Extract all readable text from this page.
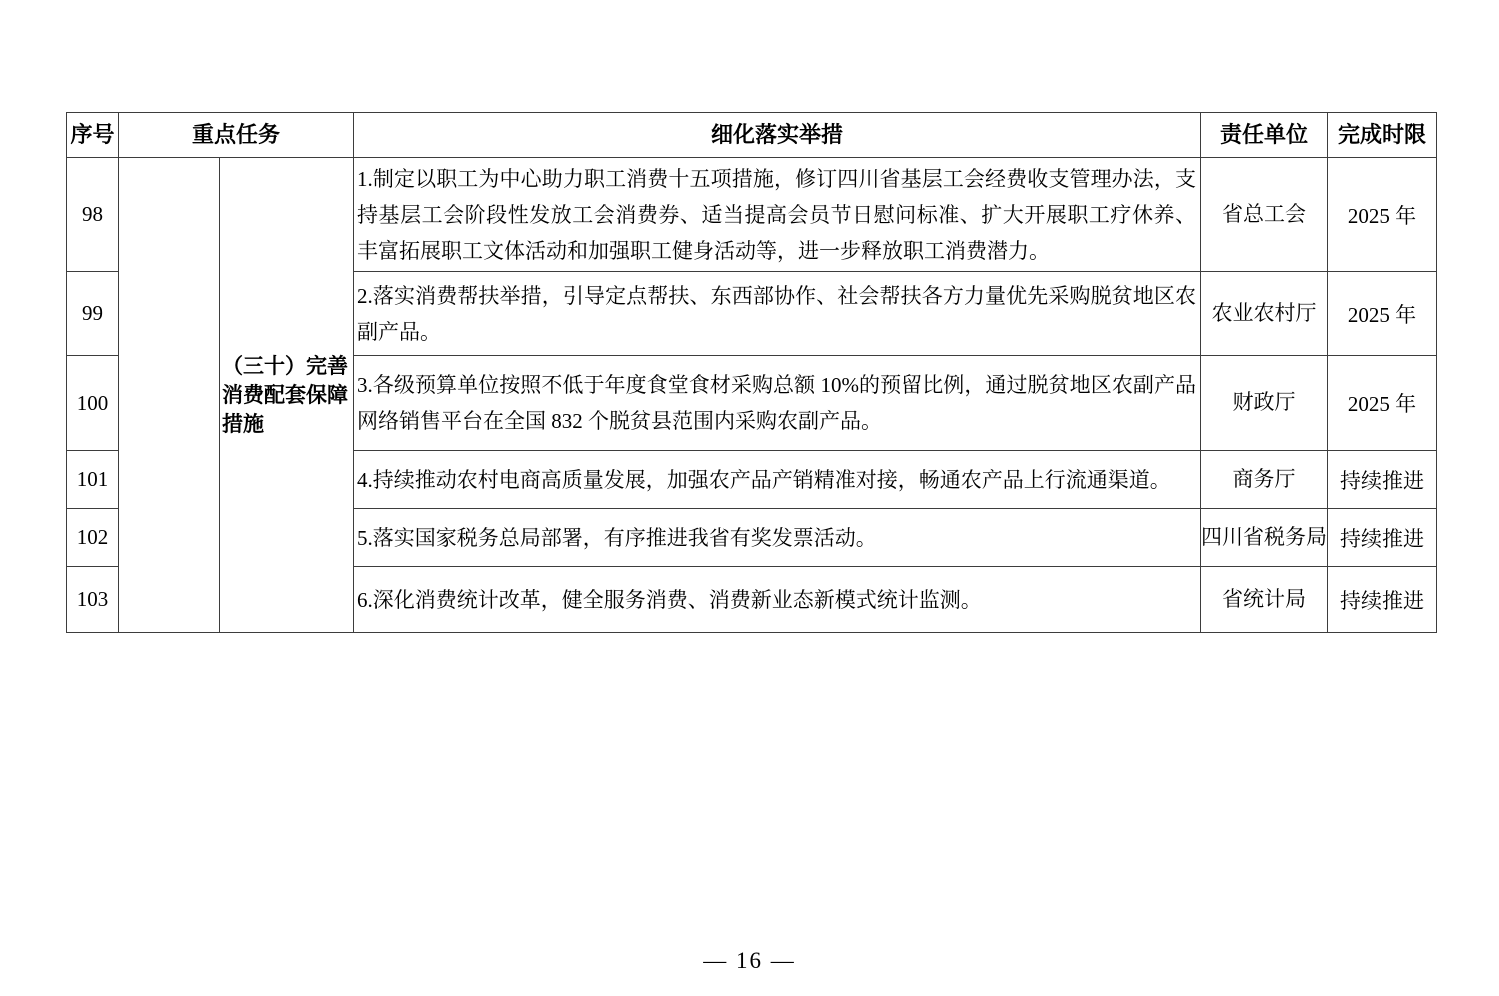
序号	重点任务		细化落实举措	责任单位	完成时限
98		（三十）完善消费配套保障措施	1.制定以职工为中心助力职工消费十五项措施，修订四川省基层工会经费收支管理办法，支持基层工会阶段性发放工会消费券、适当提高会员节日慰问标准、扩大开展职工疗休养、丰富拓展职工文体活动和加强职工健身活动等，进一步释放职工消费潜力。	省总工会	2025 年
99			2.落实消费帮扶举措，引导定点帮扶、东西部协作、社会帮扶各方力量优先采购脱贫地区农副产品。	农业农村厅	2025 年
100			3.各级预算单位按照不低于年度食堂食材采购总额 10%的预留比例，通过脱贫地区农副产品网络销售平台在全国 832 个脱贫县范围内采购农副产品。	财政厅	2025 年
101			4.持续推动农村电商高质量发展，加强农产品产销精准对接，畅通农产品上行流通渠道。	商务厅	持续推进
102			5.落实国家税务总局部署，有序推进我省有奖发票活动。	四川省税务局	持续推进
103			6.深化消费统计改革，健全服务消费、消费新业态新模式统计监测。	省统计局	持续推进
— 16 —
